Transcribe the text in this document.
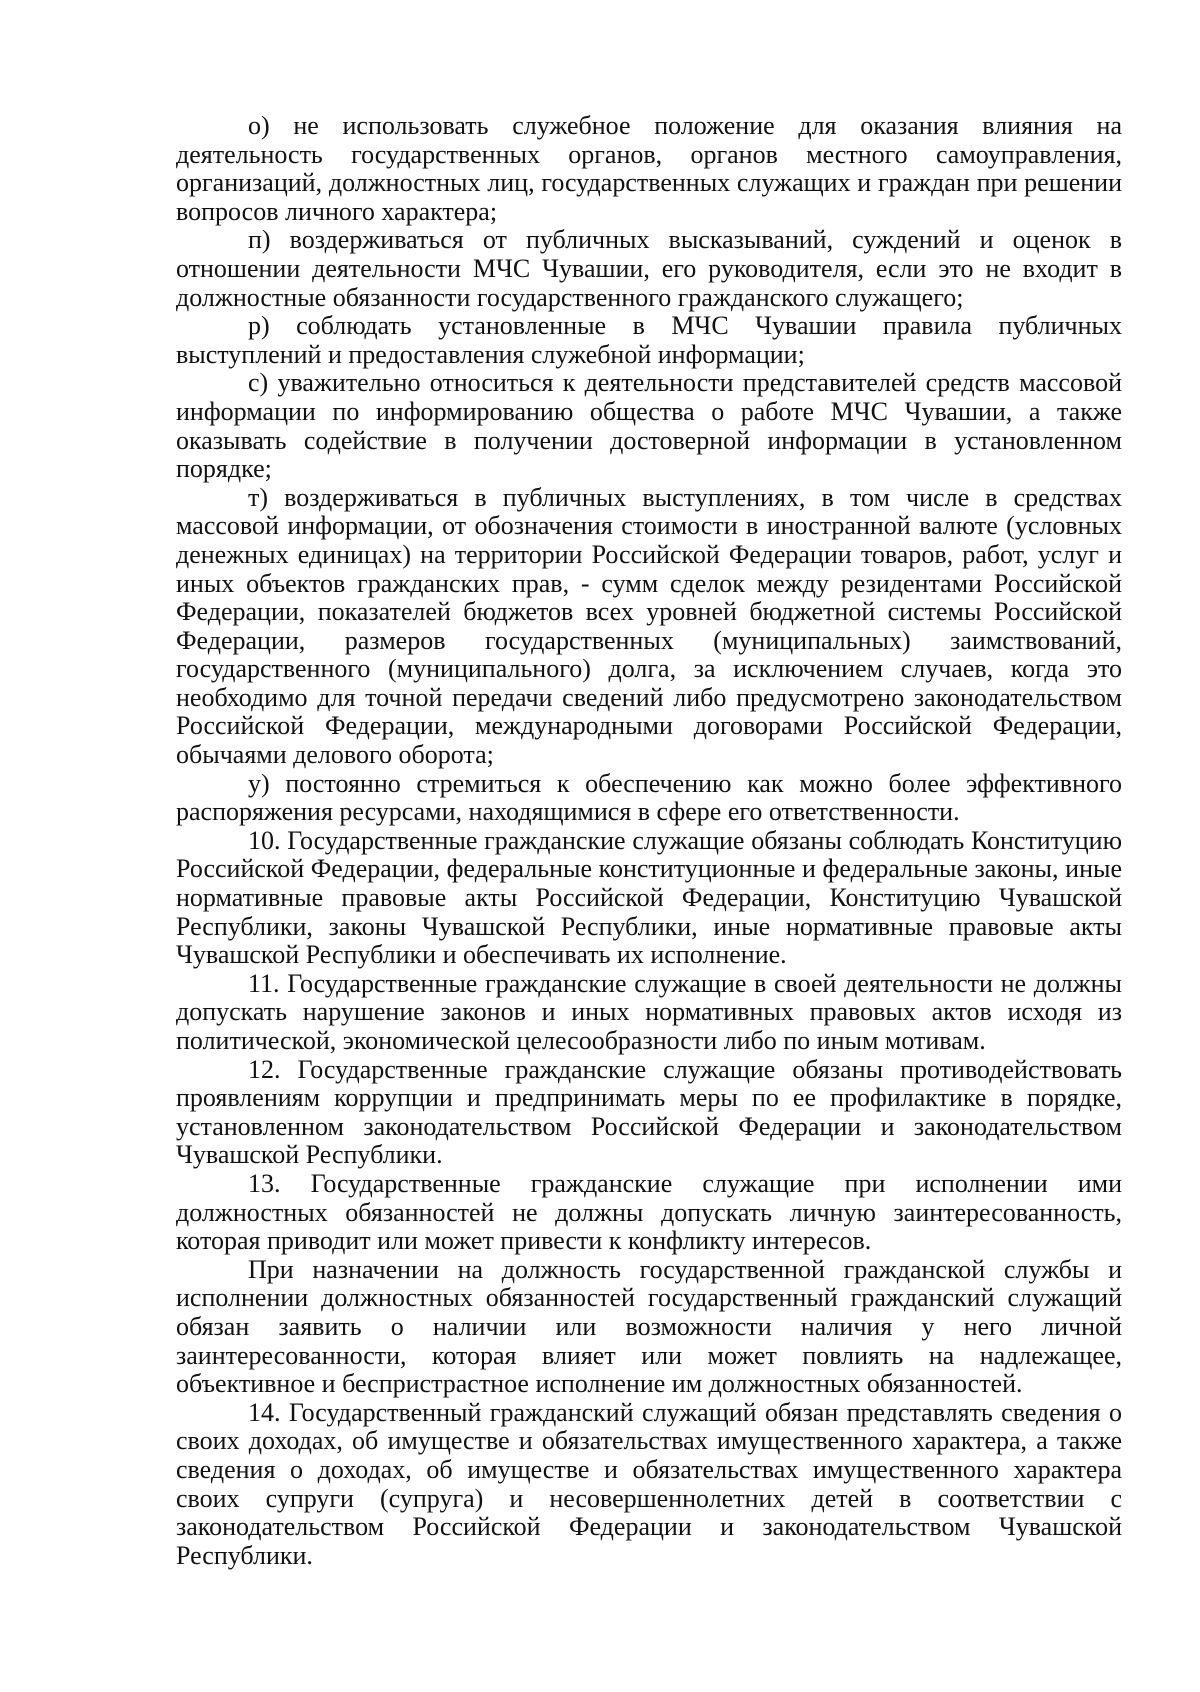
о) не использовать служебное положение для оказания влияния на деятельность государственных органов, органов местного самоуправления, организаций, должностных лиц, государственных служащих и граждан при решении вопросов личного характера;

п) воздерживаться от публичных высказываний, суждений и оценок в отношении деятельности МЧС Чувашии, его руководителя, если это не входит в должностные обязанности государственного гражданского служащего;

р) соблюдать установленные в МЧС Чувашии правила публичных выступлений и предоставления служебной информации;

с) уважительно относиться к деятельности представителей средств массовой информации по информированию общества о работе МЧС Чувашии, а также оказывать содействие в получении достоверной информации в установленном порядке;

т) воздерживаться в публичных выступлениях, в том числе в средствах массовой информации, от обозначения стоимости в иностранной валюте (условных денежных единицах) на территории Российской Федерации товаров, работ, услуг и иных объектов гражданских прав, - сумм сделок между резидентами Российской Федерации, показателей бюджетов всех уровней бюджетной системы Российской Федерации, размеров государственных (муниципальных) заимствований, государственного (муниципального) долга, за исключением случаев, когда это необходимо для точной передачи сведений либо предусмотрено законодательством Российской Федерации, международными договорами Российской Федерации, обычаями делового оборота;

у) постоянно стремиться к обеспечению как можно более эффективного распоряжения ресурсами, находящимися в сфере его ответственности.

10. Государственные гражданские служащие обязаны соблюдать Конституцию Российской Федерации, федеральные конституционные и федеральные законы, иные нормативные правовые акты Российской Федерации, Конституцию Чувашской Республики, законы Чувашской Республики, иные нормативные правовые акты Чувашской Республики и обеспечивать их исполнение.

11. Государственные гражданские служащие в своей деятельности не должны допускать нарушение законов и иных нормативных правовых актов исходя из политической, экономической целесообразности либо по иным мотивам.

12. Государственные гражданские служащие обязаны противодействовать проявлениям коррупции и предпринимать меры по ее профилактике в порядке, установленном законодательством Российской Федерации и законодательством Чувашской Республики.

13. Государственные гражданские служащие при исполнении ими должностных обязанностей не должны допускать личную заинтересованность, которая приводит или может привести к конфликту интересов.

При назначении на должность государственной гражданской службы и исполнении должностных обязанностей государственный гражданский служащий обязан заявить о наличии или возможности наличия у него личной заинтересованности, которая влияет или может повлиять на надлежащее, объективное и беспристрастное исполнение им должностных обязанностей.

14. Государственный гражданский служащий обязан представлять сведения о своих доходах, об имуществе и обязательствах имущественного характера, а также сведения о доходах, об имуществе и обязательствах имущественного характера своих супруги (супруга) и несовершеннолетних детей в соответствии с законодательством Российской Федерации и законодательством Чувашской Республики.
